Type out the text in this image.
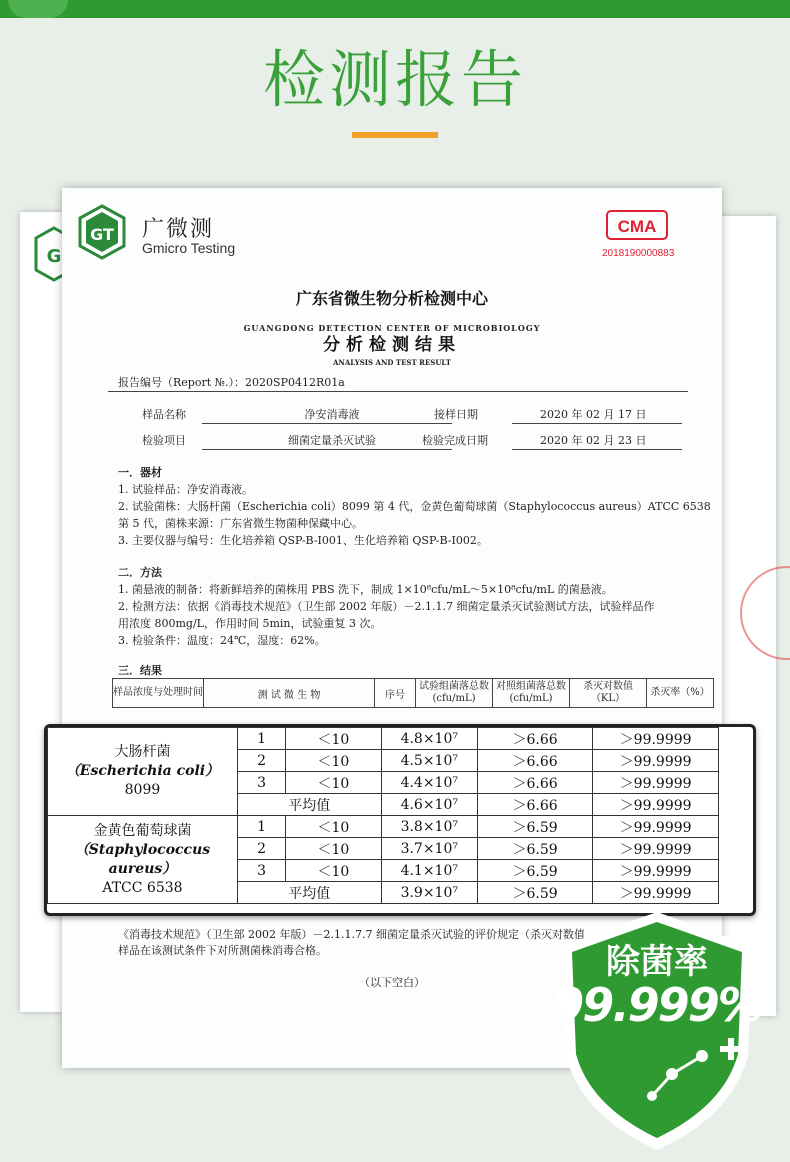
检测报告
G
GT 广微测
Gmicro Testing
CMA
2018190000883
广东省微生物分析检测中心
GUANGDONG DETECTION CENTER OF MICROBIOLOGY
分析检测结果
ANALYSIS AND TEST RESULT
报告编号（Report №.）：2020SP0412R01a
样品名称	净安消毒液	接样日期	2020 年 02 月 17 日
检验项目	细菌定量杀灭试验	检验完成日期	2020 年 02 月 23 日

一．器材

1. 试验样品：净安消毒液。

2. 试验菌株：大肠杆菌（Escherichia coli）8099 第 4 代，金黄色葡萄球菌（Staphylococcus aureus）ATCC 6538

第 5 代，菌株来源：广东省微生物菌种保藏中心。

3. 主要仪器与编号：生化培养箱 QSP-B-I001、生化培养箱 QSP-B-I002。

二．方法

1. 菌悬液的制备：将新鲜培养的菌株用 PBS 洗下，制成 1×10⁸cfu/mL～5×10⁸cfu/mL 的菌悬液。

2. 检测方法：依据《消毒技术规范》（卫生部 2002 年版）－2.1.1.7 细菌定量杀灭试验测试方法，试验样品作

用浓度 800mg/L，作用时间 5min，试验重复 3 次。

3. 检验条件：温度：24℃，湿度：62%。

三．结果

样品浓度与处理时间	测 试 微 生 物	序号	试验组菌落总数(cfu/mL)	对照组菌落总数(cfu/mL)	杀灭对数值（KL）	杀灭率（%）
《消毒技术规范》（卫生部 2002 年版）－2.1.1.7.7 细菌定量杀灭试验的评价规定（杀灭对数值
样品在该测试条件下对所测菌株消毒合格。
（以下空白）
大肠杆菌
（Escherichia coli）
8099	1	＜10	4.8×10⁷	＞6.66	＞99.9999
	2	＜10	4.5×10⁷	＞6.66	＞99.9999
	3	＜10	4.4×10⁷	＞6.66	＞99.9999
	平均值		4.6×10⁷	＞6.66	＞99.9999

金黄色葡萄球菌
（Staphylococcus aureus）
ATCC 6538	1	＜10	3.8×10⁷	＞6.59	＞99.9999
	2	＜10	3.7×10⁷	＞6.59	＞99.9999
	3	＜10	4.1×10⁷	＞6.59	＞99.9999
	平均值		3.9×10⁷	＞6.59	＞99.9999
除菌率
99.999%
